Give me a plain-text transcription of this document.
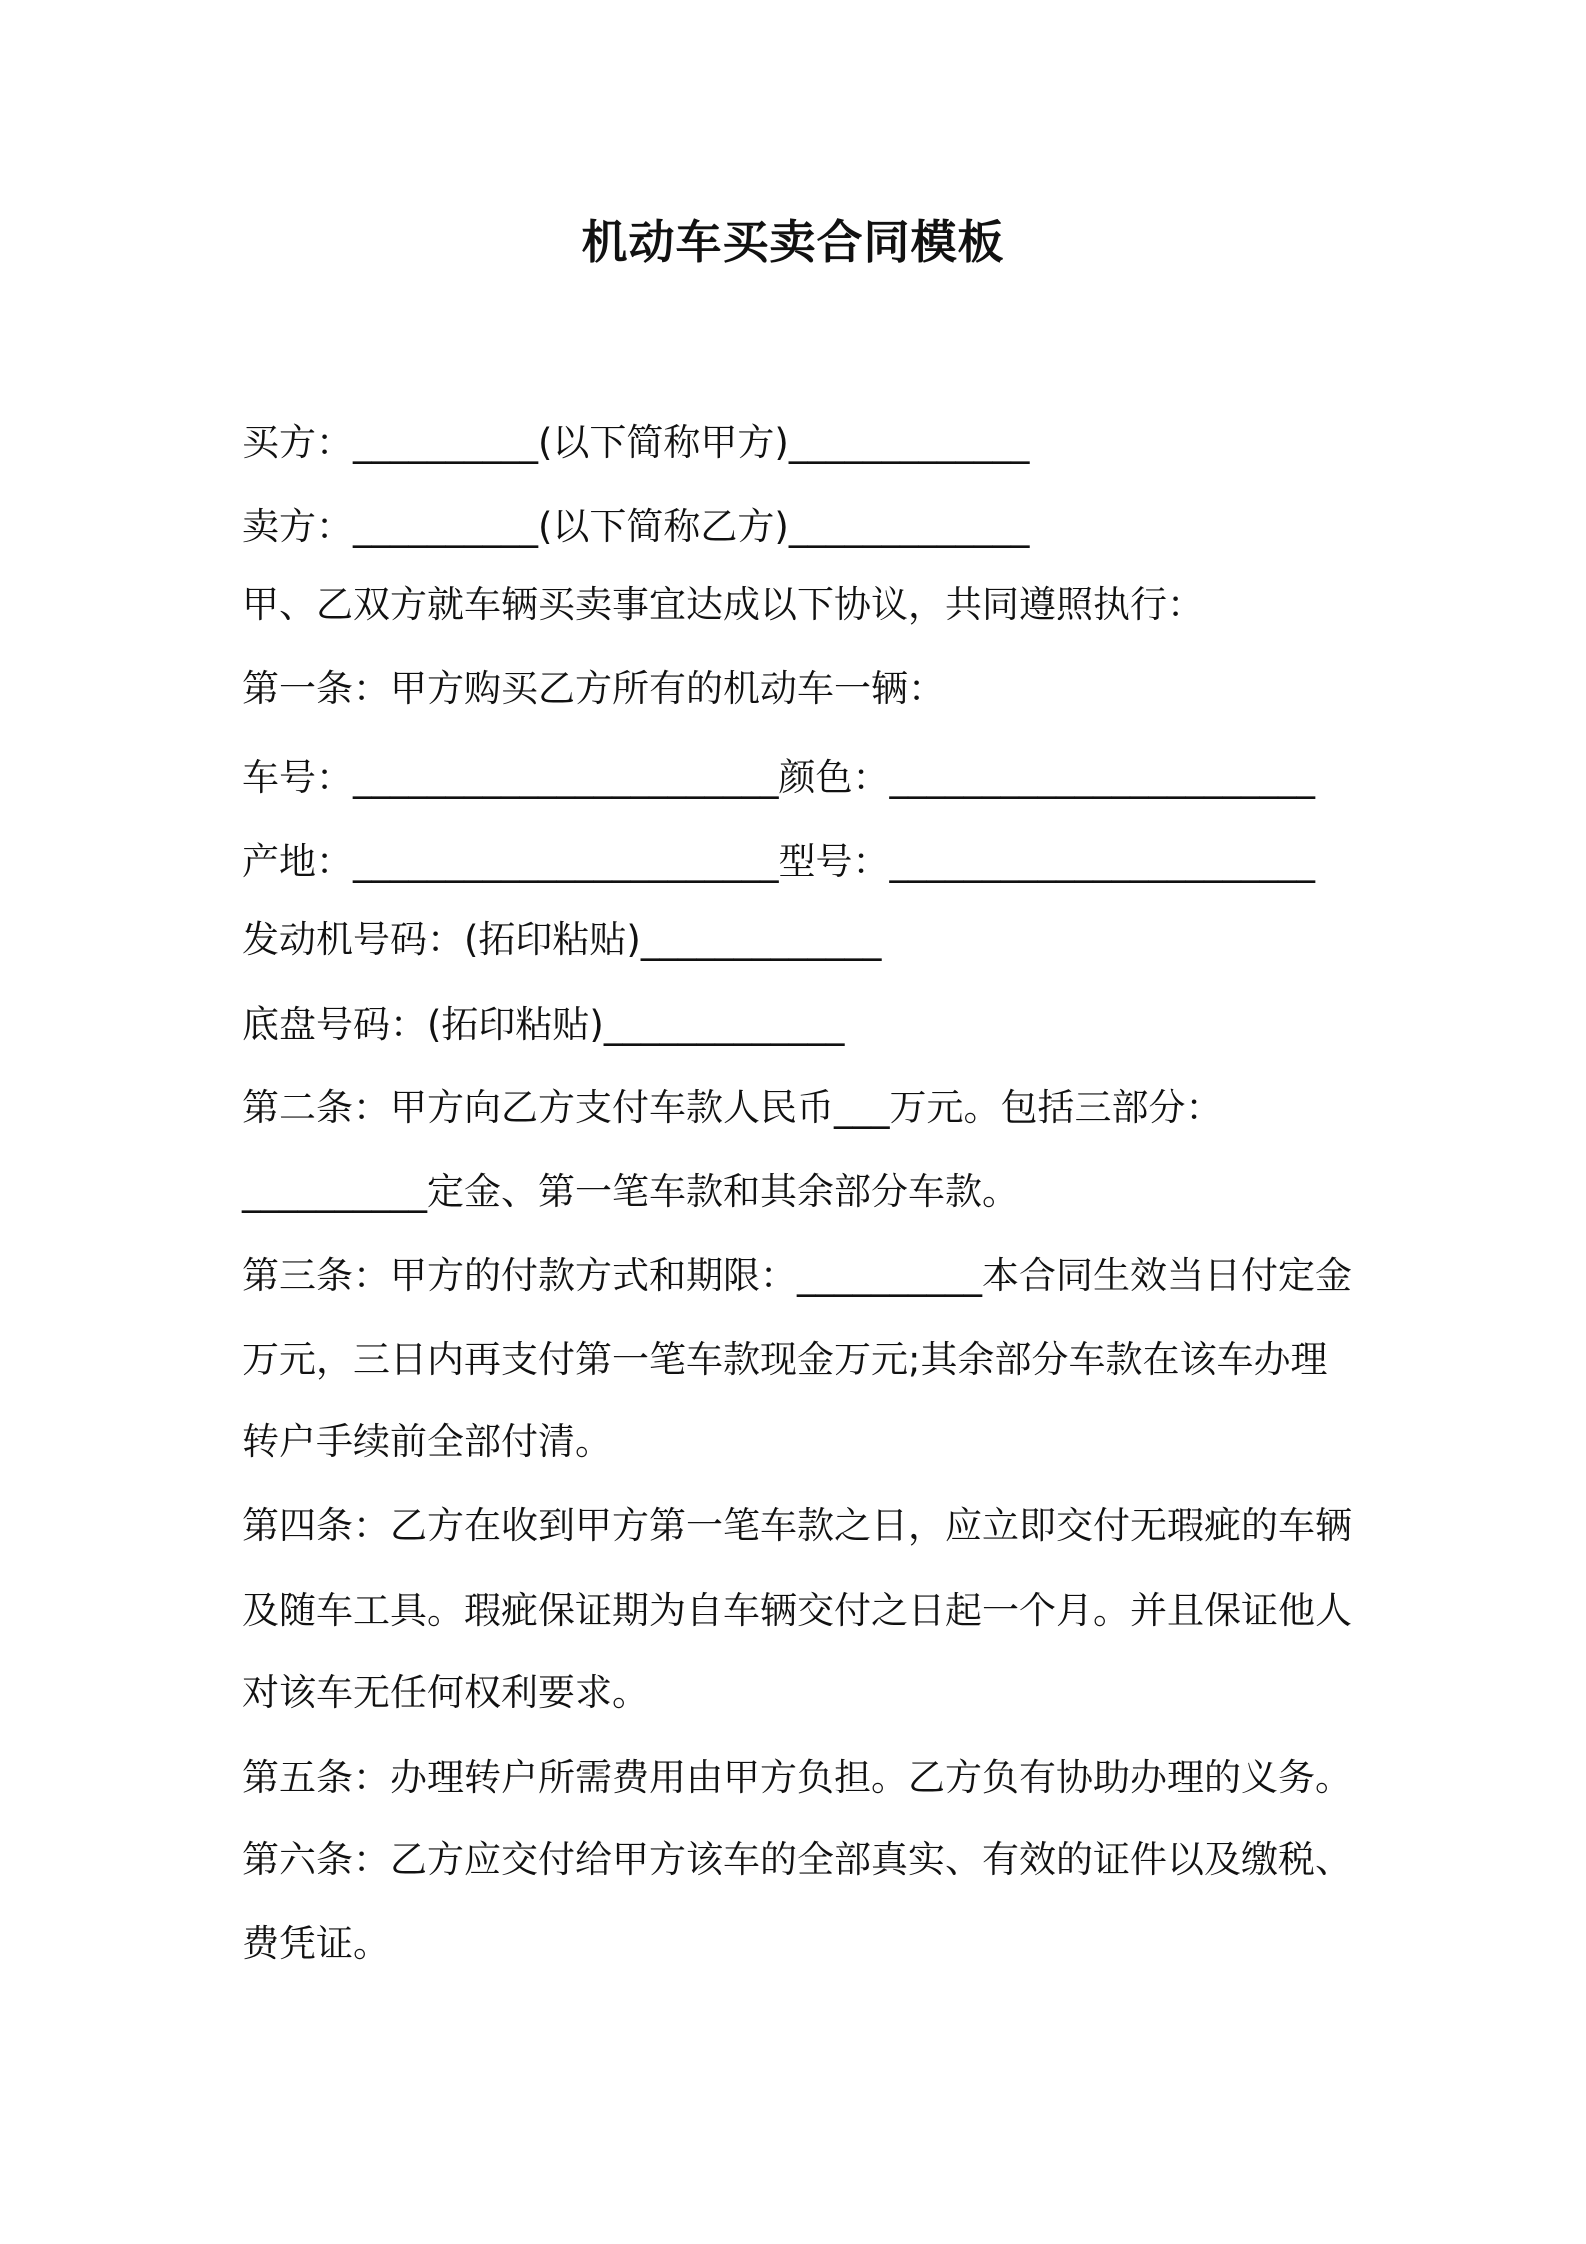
机动车买卖合同模板
买方：__________(以下简称甲方)_____________
卖方：__________(以下简称乙方)_____________
甲、乙双方就车辆买卖事宜达成以下协议，共同遵照执行：
第一条：甲方购买乙方所有的机动车一辆：
车号：_______________________颜色：_______________________
产地：_______________________型号：_______________________
发动机号码：(拓印粘贴)_____________
底盘号码：(拓印粘贴)_____________
第二条：甲方向乙方支付车款人民币___万元。包括三部分：
__________定金、第一笔车款和其余部分车款。
第三条：甲方的付款方式和期限：__________本合同生效当日付定金
万元，三日内再支付第一笔车款现金万元;其余部分车款在该车办理
转户手续前全部付清。
第四条：乙方在收到甲方第一笔车款之日，应立即交付无瑕疵的车辆
及随车工具。瑕疵保证期为自车辆交付之日起一个月。并且保证他人
对该车无任何权利要求。
第五条：办理转户所需费用由甲方负担。乙方负有协助办理的义务。
第六条：乙方应交付给甲方该车的全部真实、有效的证件以及缴税、
费凭证。
